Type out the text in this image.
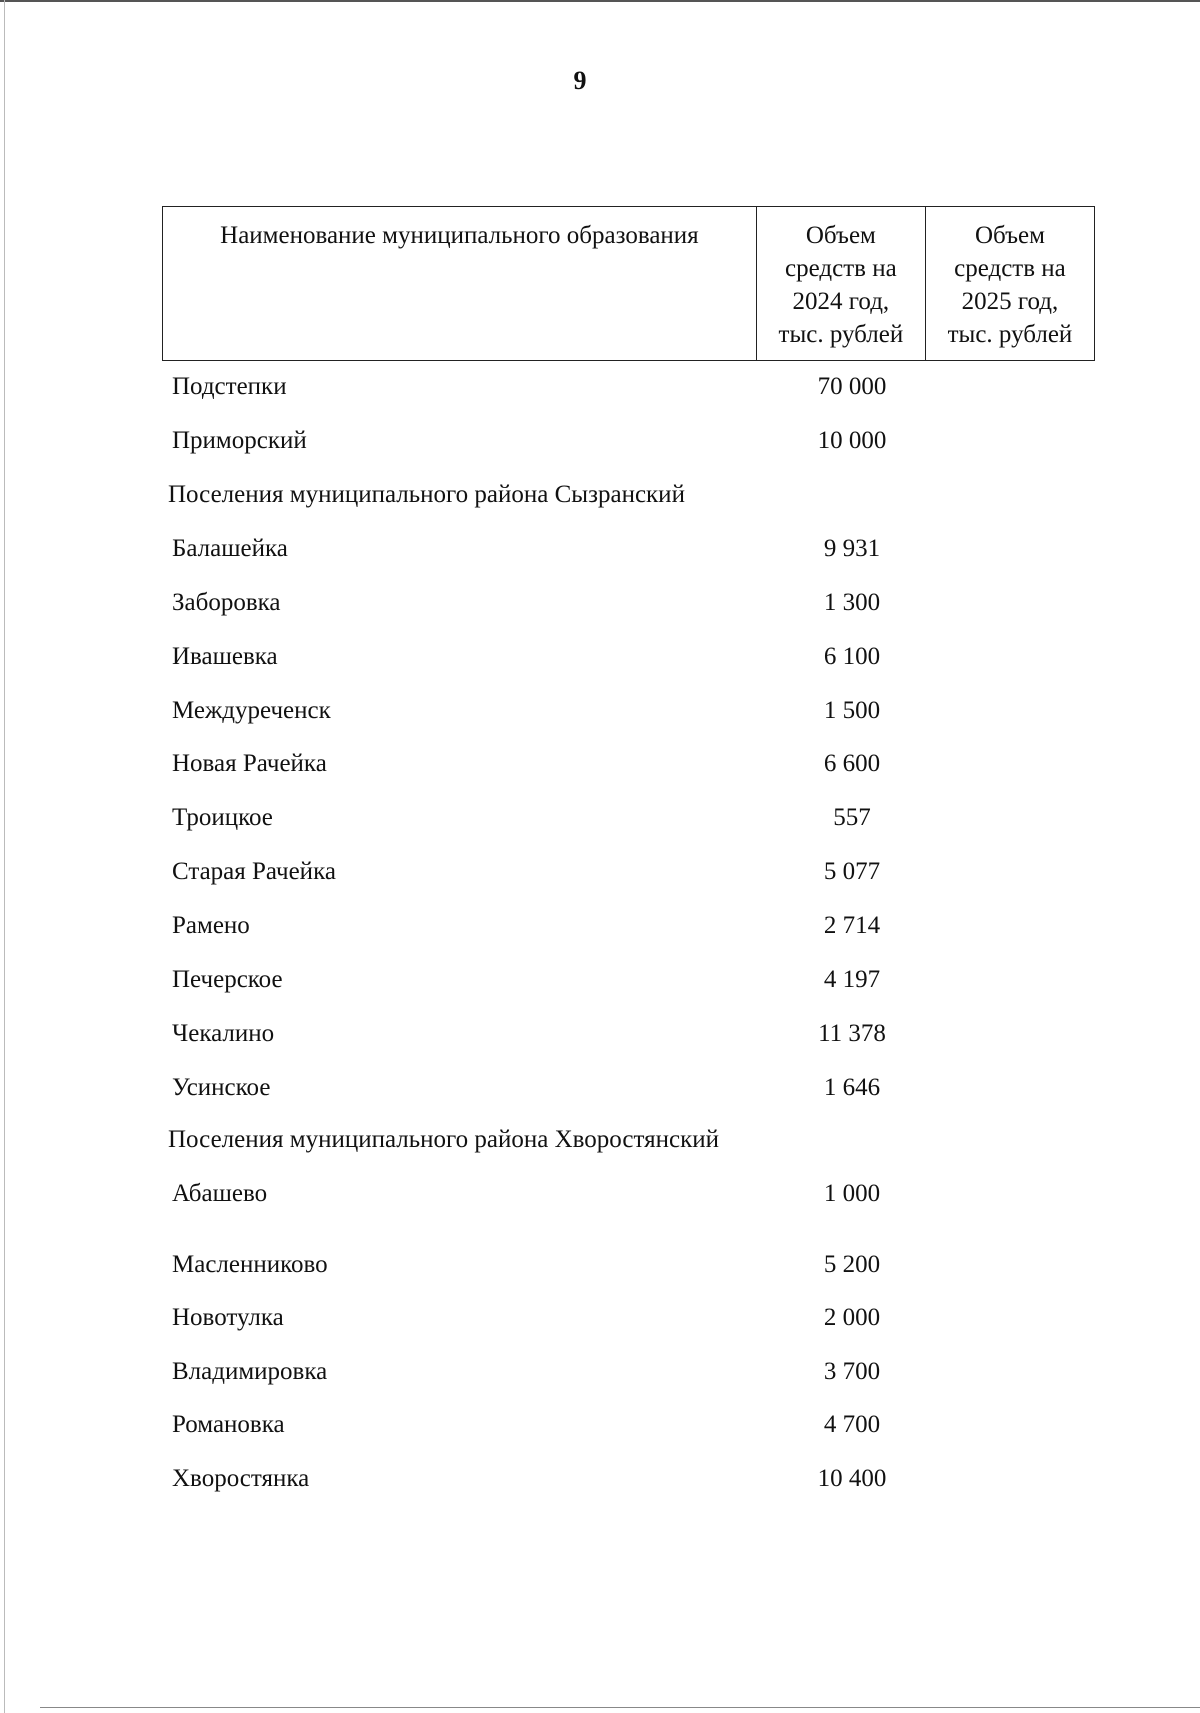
9
Наименование муниципального образования	Объем
средств на
2024 год,
тыс. рублей

Объем
средств на
2025 год,
тыс. рублей
Подстепки	70 000
Приморский	10 000
Поселения муниципального района Сызранский
Балашейка	9 931
Заборовка	1 300
Ивашевка	6 100
Междуреченск	1 500
Новая Рачейка	6 600
Троицкое	557
Старая Рачейка	5 077
Рамено	2 714
Печерское	4 197
Чекалино	11 378
Усинское	1 646
Поселения муниципального района Хворостянский
Абашево	1 000
Масленниково	5 200
Новотулка	2 000
Владимировка	3 700
Романовка	4 700
Хворостянка	10 400
